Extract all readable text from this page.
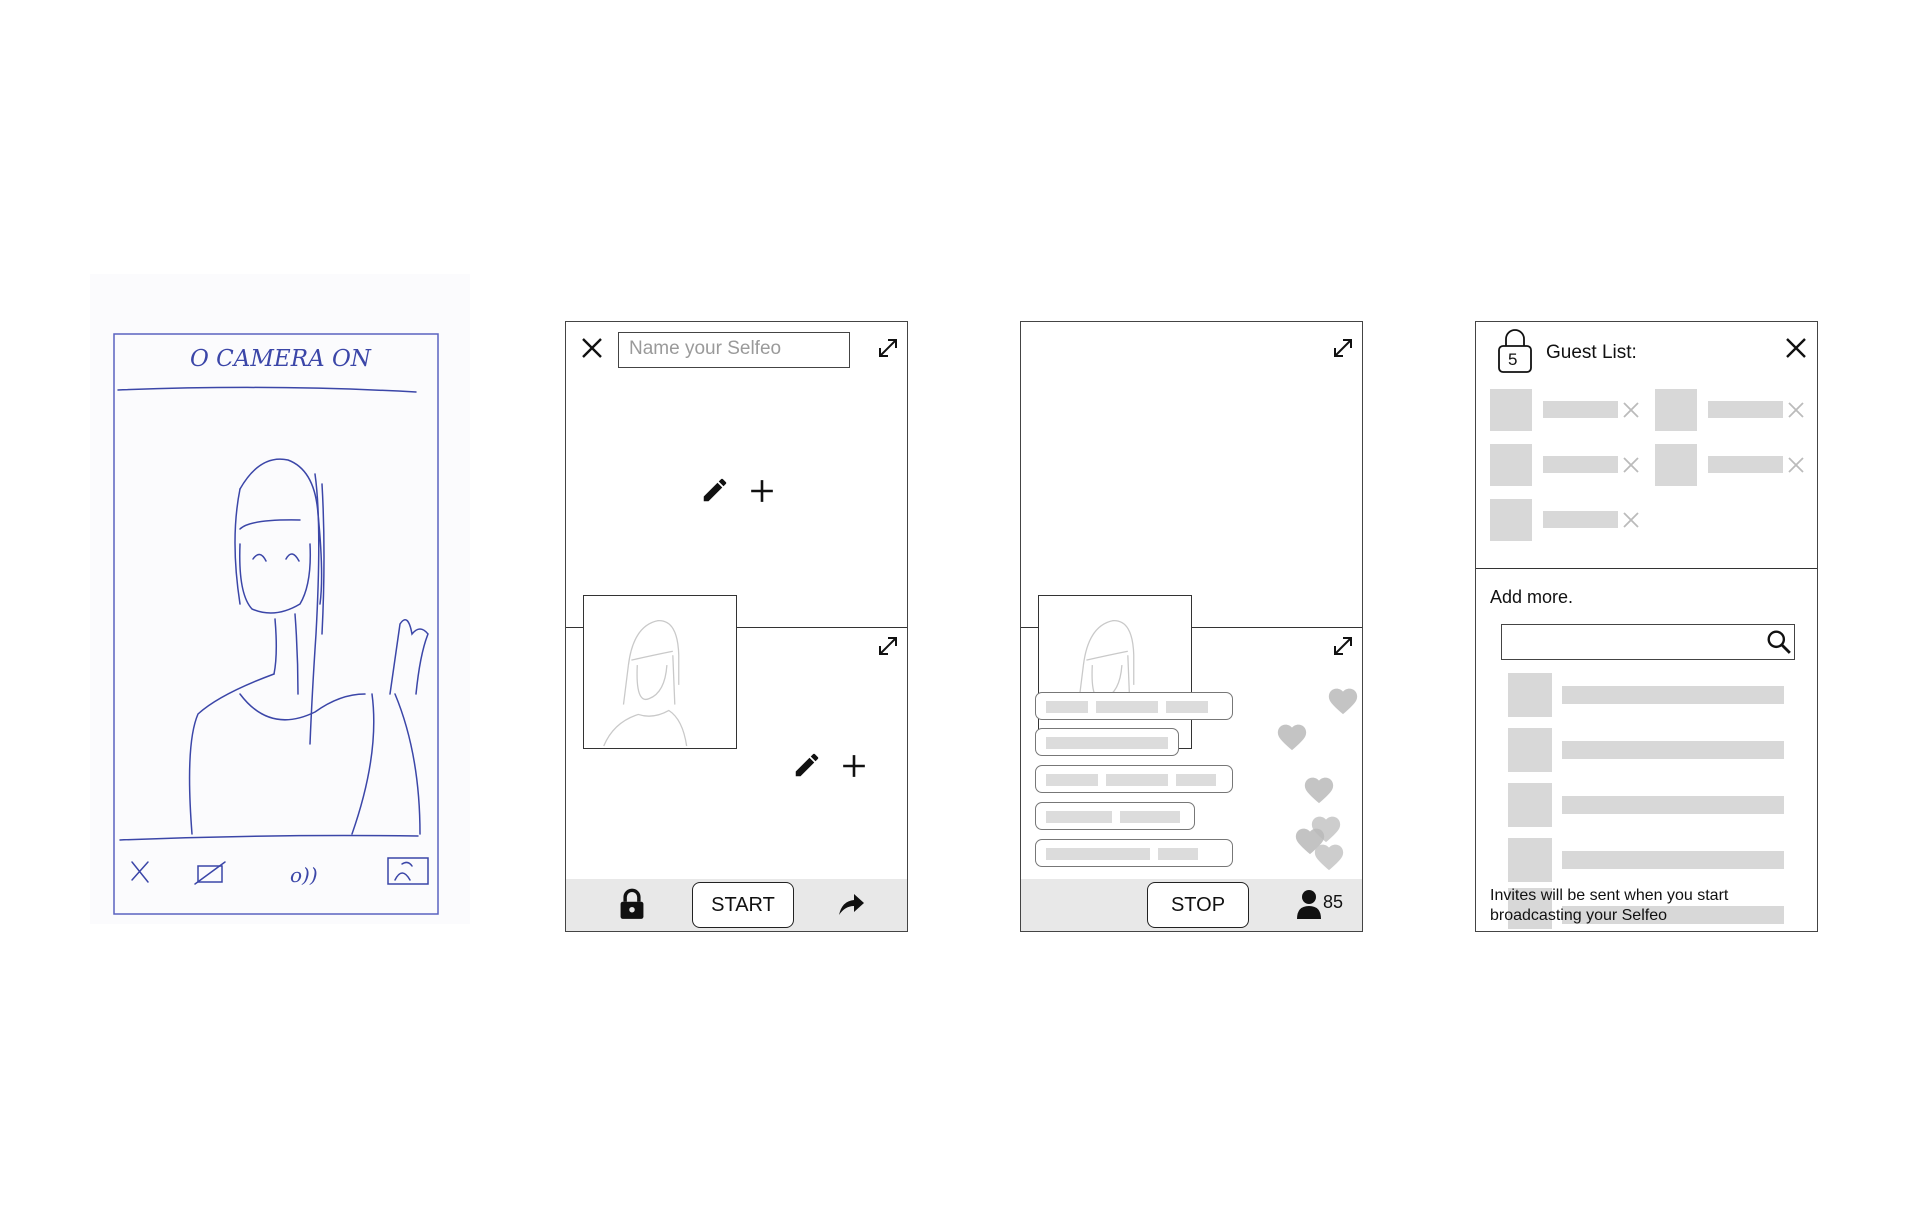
O CAMERA ON
o))
Name your Selfeo
START	STOP	85
5 Guest List:
Add more.
Invites will be sent when you start
broadcasting your Selfeo
